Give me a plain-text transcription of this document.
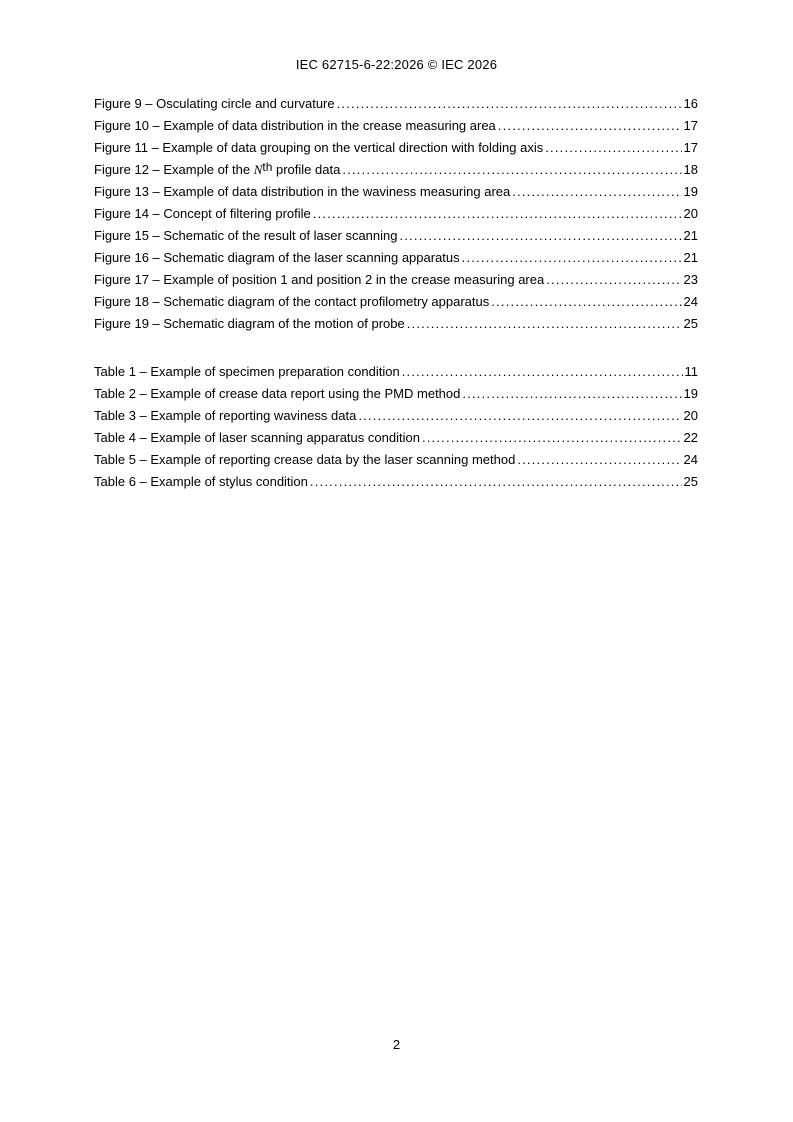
IEC 62715-6-22:2026 © IEC 2026
Figure 9 – Osculating circle and curvature .....	16
Figure 10 – Example of data distribution in the crease measuring area .....	17
Figure 11 – Example of data grouping on the vertical direction with folding axis .....	17
Figure 12 – Example of the $N^{th}$ profile data .....	18
Figure 13 – Example of data distribution in the waviness measuring area .....	19
Figure 14 – Concept of filtering profile .....	20
Figure 15 – Schematic of the result of laser scanning .....	21
Figure 16 – Schematic diagram of the laser scanning apparatus .....	21
Figure 17 – Example of position 1 and position 2 in the crease measuring area .....	23
Figure 18 – Schematic diagram of the contact profilometry apparatus .....	24
Figure 19 – Schematic diagram of the motion of probe .....	25
Table 1 – Example of specimen preparation condition .....	11
Table 2 – Example of crease data report using the PMD method .....	19
Table 3 – Example of reporting waviness data .....	20
Table 4 – Example of laser scanning apparatus condition .....	22
Table 5 – Example of reporting crease data by the laser scanning method .....	24
Table 6 – Example of stylus condition .....	25
2
